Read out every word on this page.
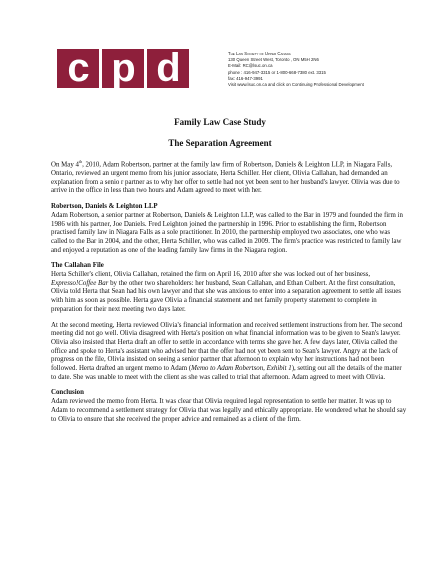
c p d	The Law Society of Upper Canada
130 Queen Street West, Toronto , ON M5H 2N6
E-Mail: RC@lsuc.on.ca
phone : 416-947-3315 or 1-800-668-7380 ext. 3315
fax: 416-947-3991
Visit www.lsuc.on.ca and click on Continuing Professional Development
Family Law Case Study
The Separation Agreement

On May 4th, 2010, Adam Robertson, partner at the family law firm of Robertson, Daniels & Leighton LLP, in Niagara Falls, Ontario, reviewed an urgent memo from his junior associate, Herta Schiller. Her client, Olivia Callahan, had demanded an explanation from a senio r partner as to why her offer to settle had not yet been sent to her husband's lawyer. Olivia was due to arrive in the office in less than two hours and Adam agreed to meet with her.

Robertson, Daniels & Leighton LLP

Adam Robertson, a senior partner at Robertson, Daniels & Leighton LLP, was called to the Bar in 1979 and founded the firm in 1986 with his partner, Joe Daniels. Fred Leighton joined the partnership in 1996. Prior to establishing the firm, Robertson practised family law in Niagara Falls as a sole practitioner. In 2010, the partnership employed two associates, one who was called to the Bar in 2004, and the other, Herta Schiller, who was called in 2009. The firm's practice was restricted to family law and enjoyed a reputation as one of the leading family law firms in the Niagara region.

The Callahan File

Herta Schiller's client, Olivia Callahan, retained the firm on April 16, 2010 after she was locked out of her business, Expresso!Coffee Bar by the other two shareholders: her husband, Sean Callahan, and Ethan Culbert. At the first consultation, Olivia told Herta that Sean had his own lawyer and that she was anxious to enter into a separation agreement to settle all issues with him as soon as possible. Herta gave Olivia a financial statement and net family property statement to complete in preparation for their next meeting two days later.

At the second meeting, Herta reviewed Olivia's financial information and received settlement instructions from her. The second meeting did not go well. Olivia disagreed with Herta's position on what financial information was to be given to Sean's lawyer. Olivia also insisted that Herta draft an offer to settle in accordance with terms she gave her. A few days later, Olivia called the office and spoke to Herta's assistant who advised her that the offer had not yet been sent to Sean's lawyer. Angry at the lack of progress on the file, Olivia insisted on seeing a senior partner that afternoon to explain why her instructions had not been followed. Herta drafted an urgent memo to Adam (Memo to Adam Robertson, Exhibit 1), setting out all the details of the matter to date. She was unable to meet with the client as she was called to trial that afternoon. Adam agreed to meet with Olivia.

Conclusion

Adam reviewed the memo from Herta. It was clear that Olivia required legal representation to settle her matter. It was up to Adam to recommend a settlement strategy for Olivia that was legally and ethically appropriate. He wondered what he should say to Olivia to ensure that she received the proper advice and remained as a client of the firm.
